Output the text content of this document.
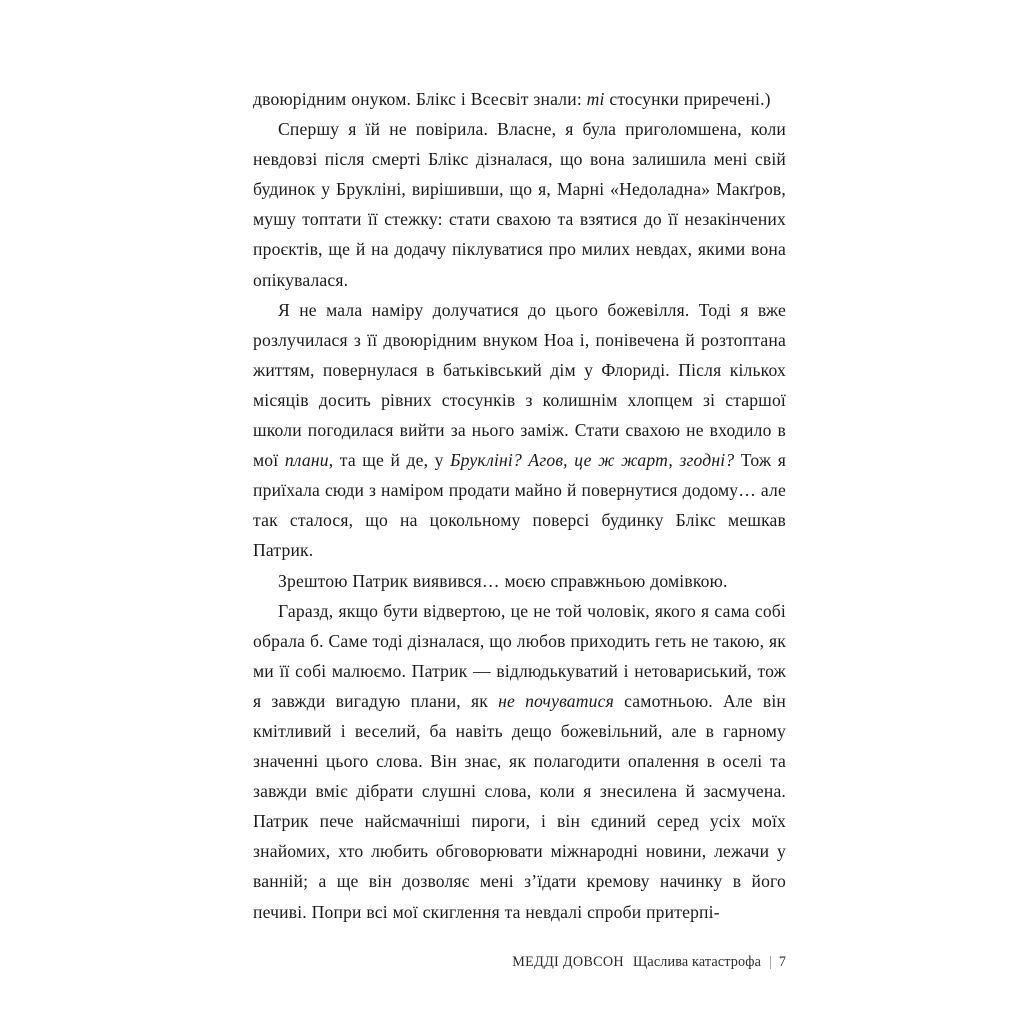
двоюрідним онуком. Блікс і Всесвіт знали: ті стосунки приречені.)

Спершу я їй не повірила. Власне, я була приголомшена, коли невдовзі після смерті Блікс дізналася, що вона залишила мені свій будинок у Брукліні, вирішивши, що я, Марні «Недоладна» Макґров, мушу топтати її стежку: стати свахою та взятися до її незакінчених проєктів, ще й на додачу піклуватися про милих невдах, якими вона опікувалася.

Я не мала наміру долучатися до цього божевілля. Тоді я вже розлучилася з її двоюрідним внуком Ноа і, понівечена й розтоптана життям, повернулася в батьківський дім у Флориді. Після кількох місяців досить рівних стосунків з колишнім хлопцем зі старшої школи погодилася вийти за нього заміж. Стати свахою не входило в мої плани, та ще й де, у Брукліні? Агов, це ж жарт, згодні? Тож я приїхала сюди з наміром продати майно й повернутися додому… але так сталося, що на цокольному поверсі будинку Блікс мешкав Патрик.

Зрештою Патрик виявився… моєю справжньою домівкою.

Гаразд, якщо бути відвертою, це не той чоловік, якого я сама собі обрала б. Саме тоді дізналася, що любов приходить геть не такою, як ми її собі малюємо. Патрик — відлюдькуватий і нетовариський, тож я завжди вигадую плани, як не почуватися самотньою. Але він кмітливий і веселий, ба навіть дещо божевільний, але в гарному значенні цього слова. Він знає, як полагодити опалення в оселі та завжди вміє дібрати слушні слова, коли я знесилена й засмучена. Патрик пече найсмачніші пироги, і він єдиний серед усіх моїх знайомих, хто любить обговорювати міжнародні новини, лежачи у ванній; а ще він дозволяє мені з’їдати кремову начинку в його печиві. Попри всі мої скиглення та невдалі спроби притерпі-

МЕДДІ ДОВСОН Щаслива катастрофа | 7
